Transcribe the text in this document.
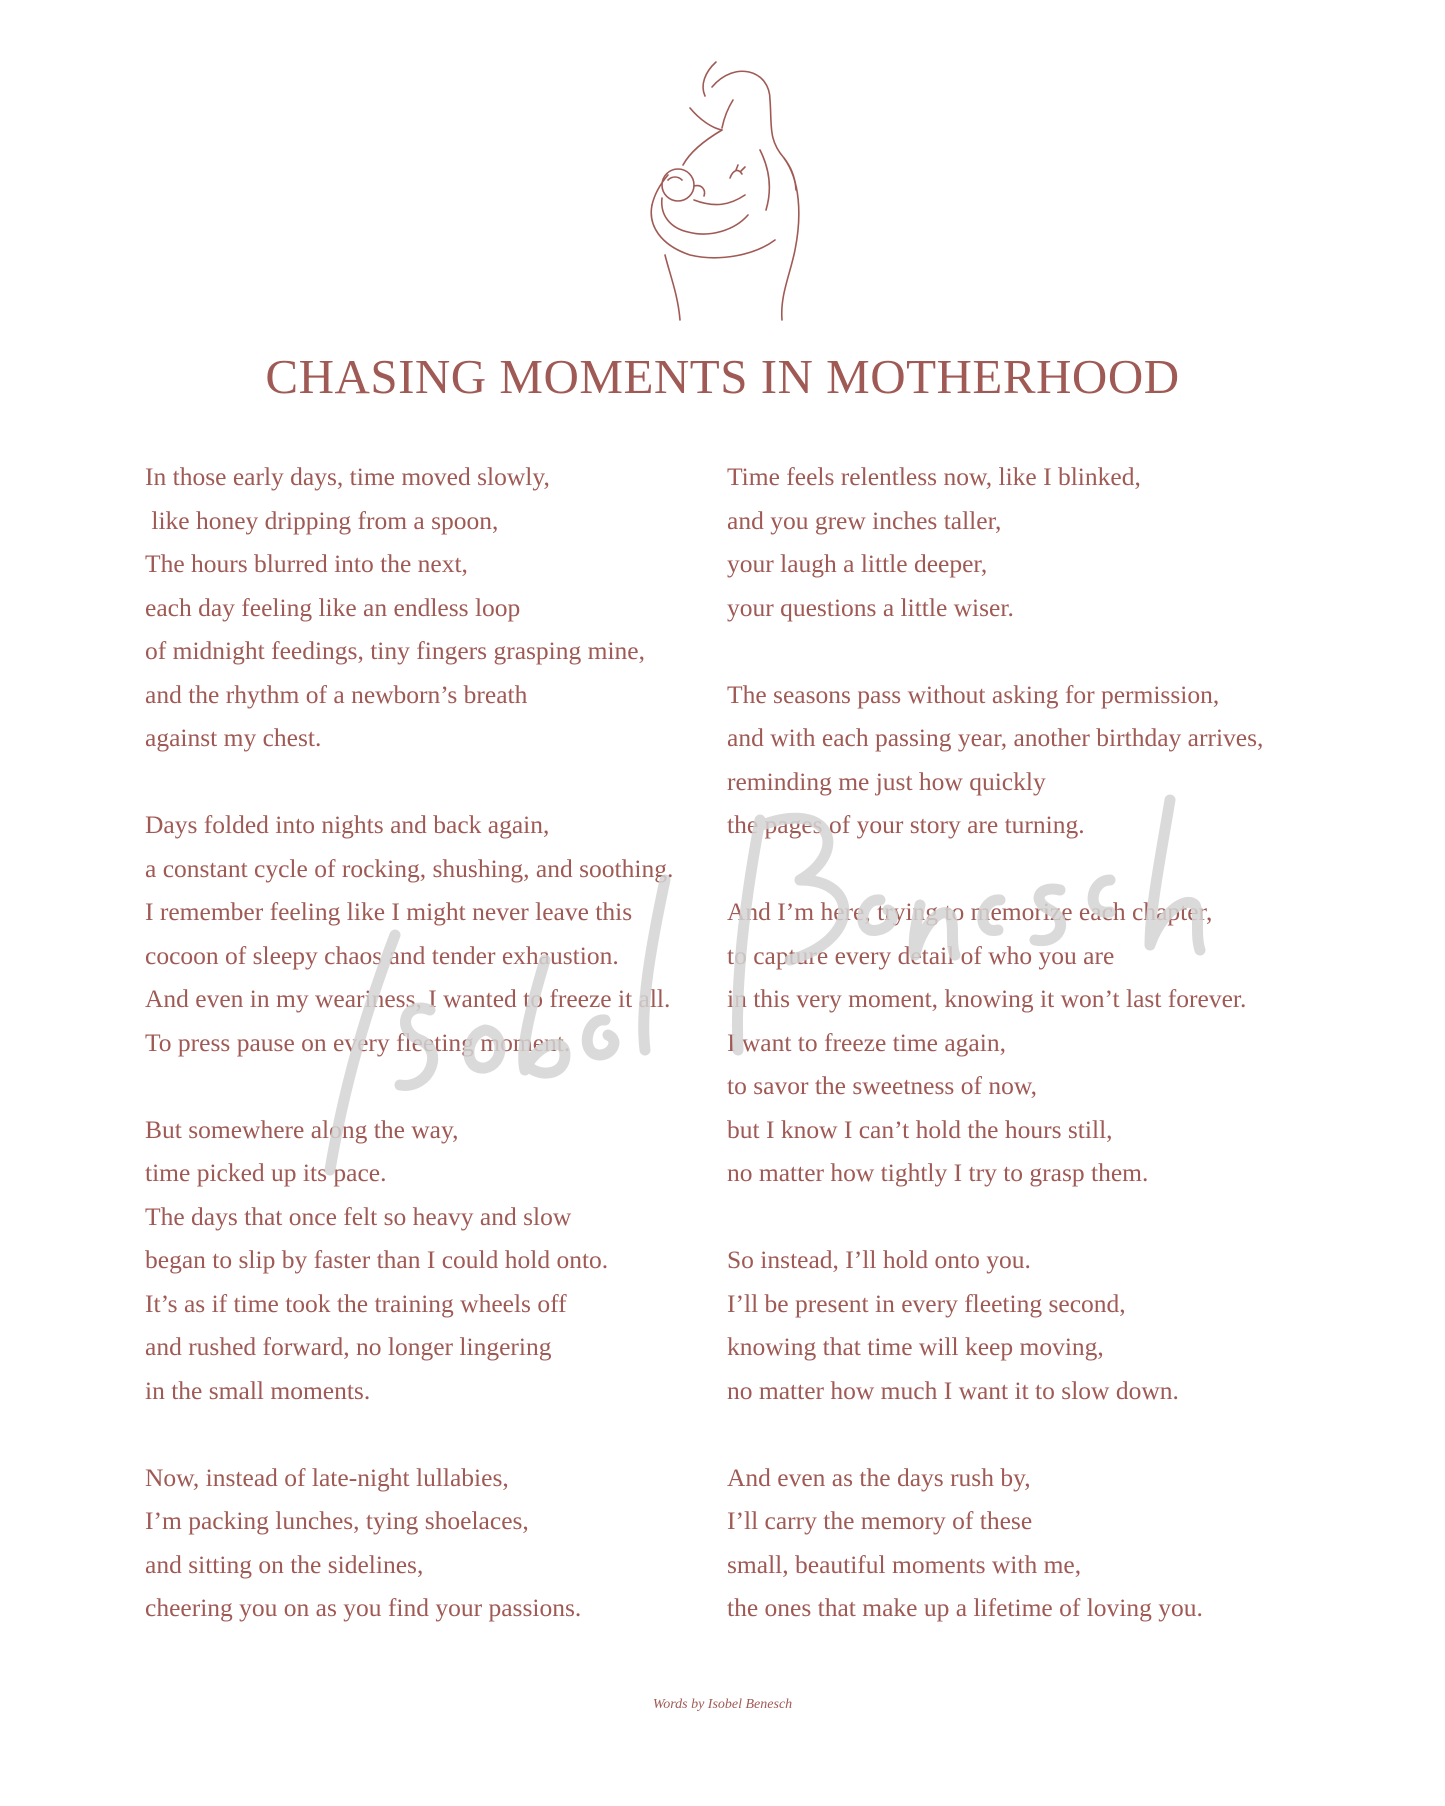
CHASING MOMENTS IN MOTHERHOOD
In those early days, time moved slowly,
like honey dripping from a spoon,
The hours blurred into the next,
each day feeling like an endless loop
of midnight feedings, tiny fingers grasping mine,
and the rhythm of a newborn’s breath
against my chest.
Days folded into nights and back again,
a constant cycle of rocking, shushing, and soothing.
I remember feeling like I might never leave this
cocoon of sleepy chaos and tender exhaustion.
And even in my weariness, I wanted to freeze it all.
To press pause on every fleeting moment.
But somewhere along the way,
time picked up its pace.
The days that once felt so heavy and slow
began to slip by faster than I could hold onto.
It’s as if time took the training wheels off
and rushed forward, no longer lingering
in the small moments.
Now, instead of late-night lullabies,
I’m packing lunches, tying shoelaces,
and sitting on the sidelines,
cheering you on as you find your passions.
Time feels relentless now, like I blinked,
and you grew inches taller,
your laugh a little deeper,
your questions a little wiser.
The seasons pass without asking for permission,
and with each passing year, another birthday arrives,
reminding me just how quickly
the pages of your story are turning.
And I’m here, trying to memorize each chapter,
to capture every detail of who you are
in this very moment, knowing it won’t last forever.
I want to freeze time again,
to savor the sweetness of now,
but I know I can’t hold the hours still,
no matter how tightly I try to grasp them.
So instead, I’ll hold onto you.
I’ll be present in every fleeting second,
knowing that time will keep moving,
no matter how much I want it to slow down.
And even as the days rush by,
I’ll carry the memory of these
small, beautiful moments with me,
the ones that make up a lifetime of loving you.
Words by Isobel Benesch
